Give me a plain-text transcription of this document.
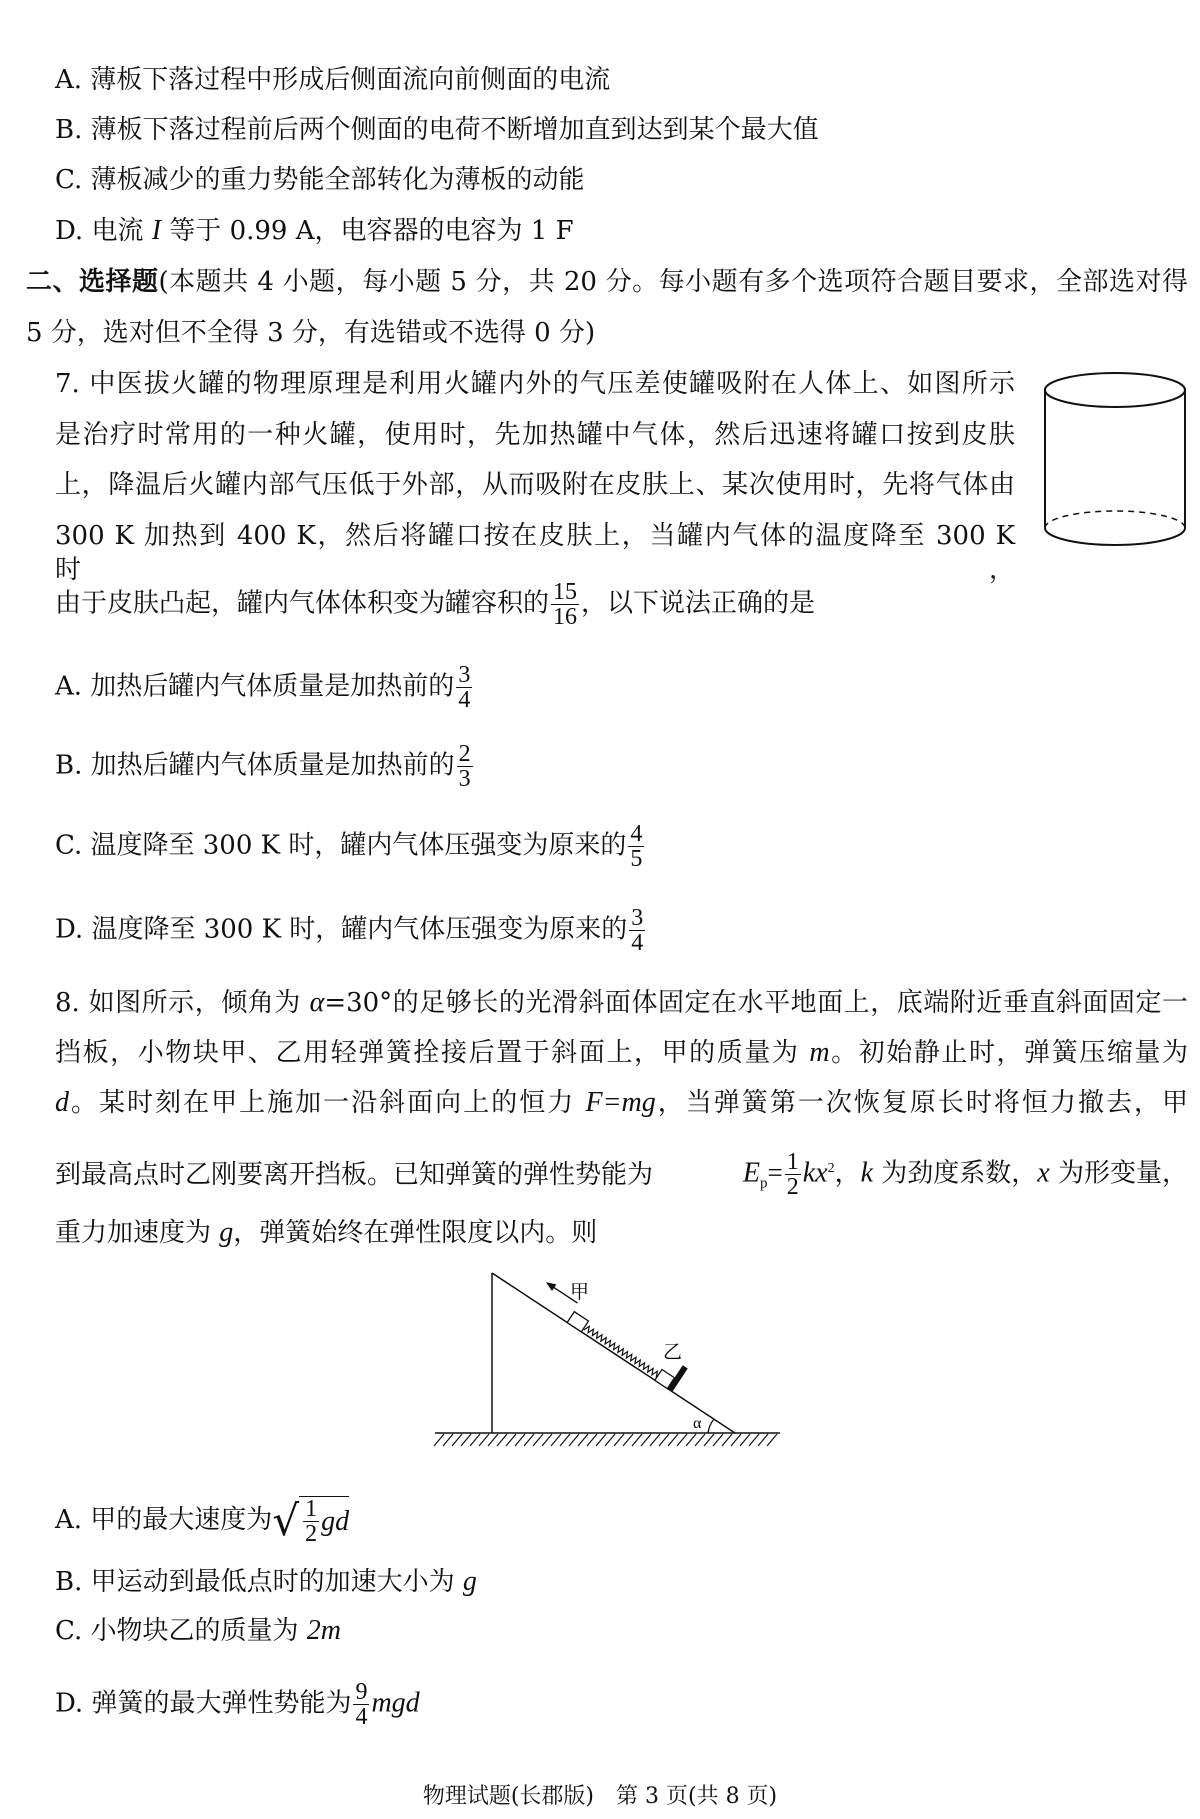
A. 薄板下落过程中形成后侧面流向前侧面的电流
B. 薄板下落过程前后两个侧面的电荷不断增加直到达到某个最大值
C. 薄板减少的重力势能全部转化为薄板的动能
D. 电流 I 等于 0.99 A，电容器的电容为 1 F
二、选择题(本题共 4 小题，每小题 5 分，共 20 分。每小题有多个选项符合题目要求，全部选对得
5 分，选对但不全得 3 分，有选错或不选得 0 分)
7. 中医拔火罐的物理原理是利用火罐内外的气压差使罐吸附在人体上、如图所示
是治疗时常用的一种火罐，使用时，先加热罐中气体，然后迅速将罐口按到皮肤
上，降温后火罐内部气压低于外部，从而吸附在皮肤上、某次使用时，先将气体由
300 K 加热到 400 K，然后将罐口按在皮肤上，当罐内气体的温度降至 300 K 时，
由于皮肤凸起，罐内气体体积变为罐容积的 $\frac{15}{16}$ ，以下说法正确的是
A. 加热后罐内气体质量是加热前的 $\frac{3}{4}$
B. 加热后罐内气体质量是加热前的 $\frac{2}{3}$
C. 温度降至 300 K 时，罐内气体压强变为原来的 $\frac{4}{5}$
D. 温度降至 300 K 时，罐内气体压强变为原来的 $\frac{3}{4}$
8. 如图所示，倾角为 α=30°的足够长的光滑斜面体固定在水平地面上，底端附近垂直斜面固定一
挡板，小物块甲、乙用轻弹簧拴接后置于斜面上，甲的质量为 m。初始静止时，弹簧压缩量为
d。某时刻在甲上施加一沿斜面向上的恒力 F=mg，当弹簧第一次恢复原长时将恒力撤去，甲
到最高点时乙刚要离开挡板。已知弹簧的弹性势能为	$E_p= \frac{1}{2} kx^2$，k 为劲度系数，x 为形变量，
重力加速度为 g，弹簧始终在弹性限度以内。则
α
甲
乙
A. 甲的最大速度为 √ $\frac{1}{2}$ gd
B. 甲运动到最低点时的加速大小为 g
C. 小物块乙的质量为 2m
D. 弹簧的最大弹性势能为 $\frac{9}{4}$ mgd
物理试题(长郡版)　第 3 页(共 8 页)
